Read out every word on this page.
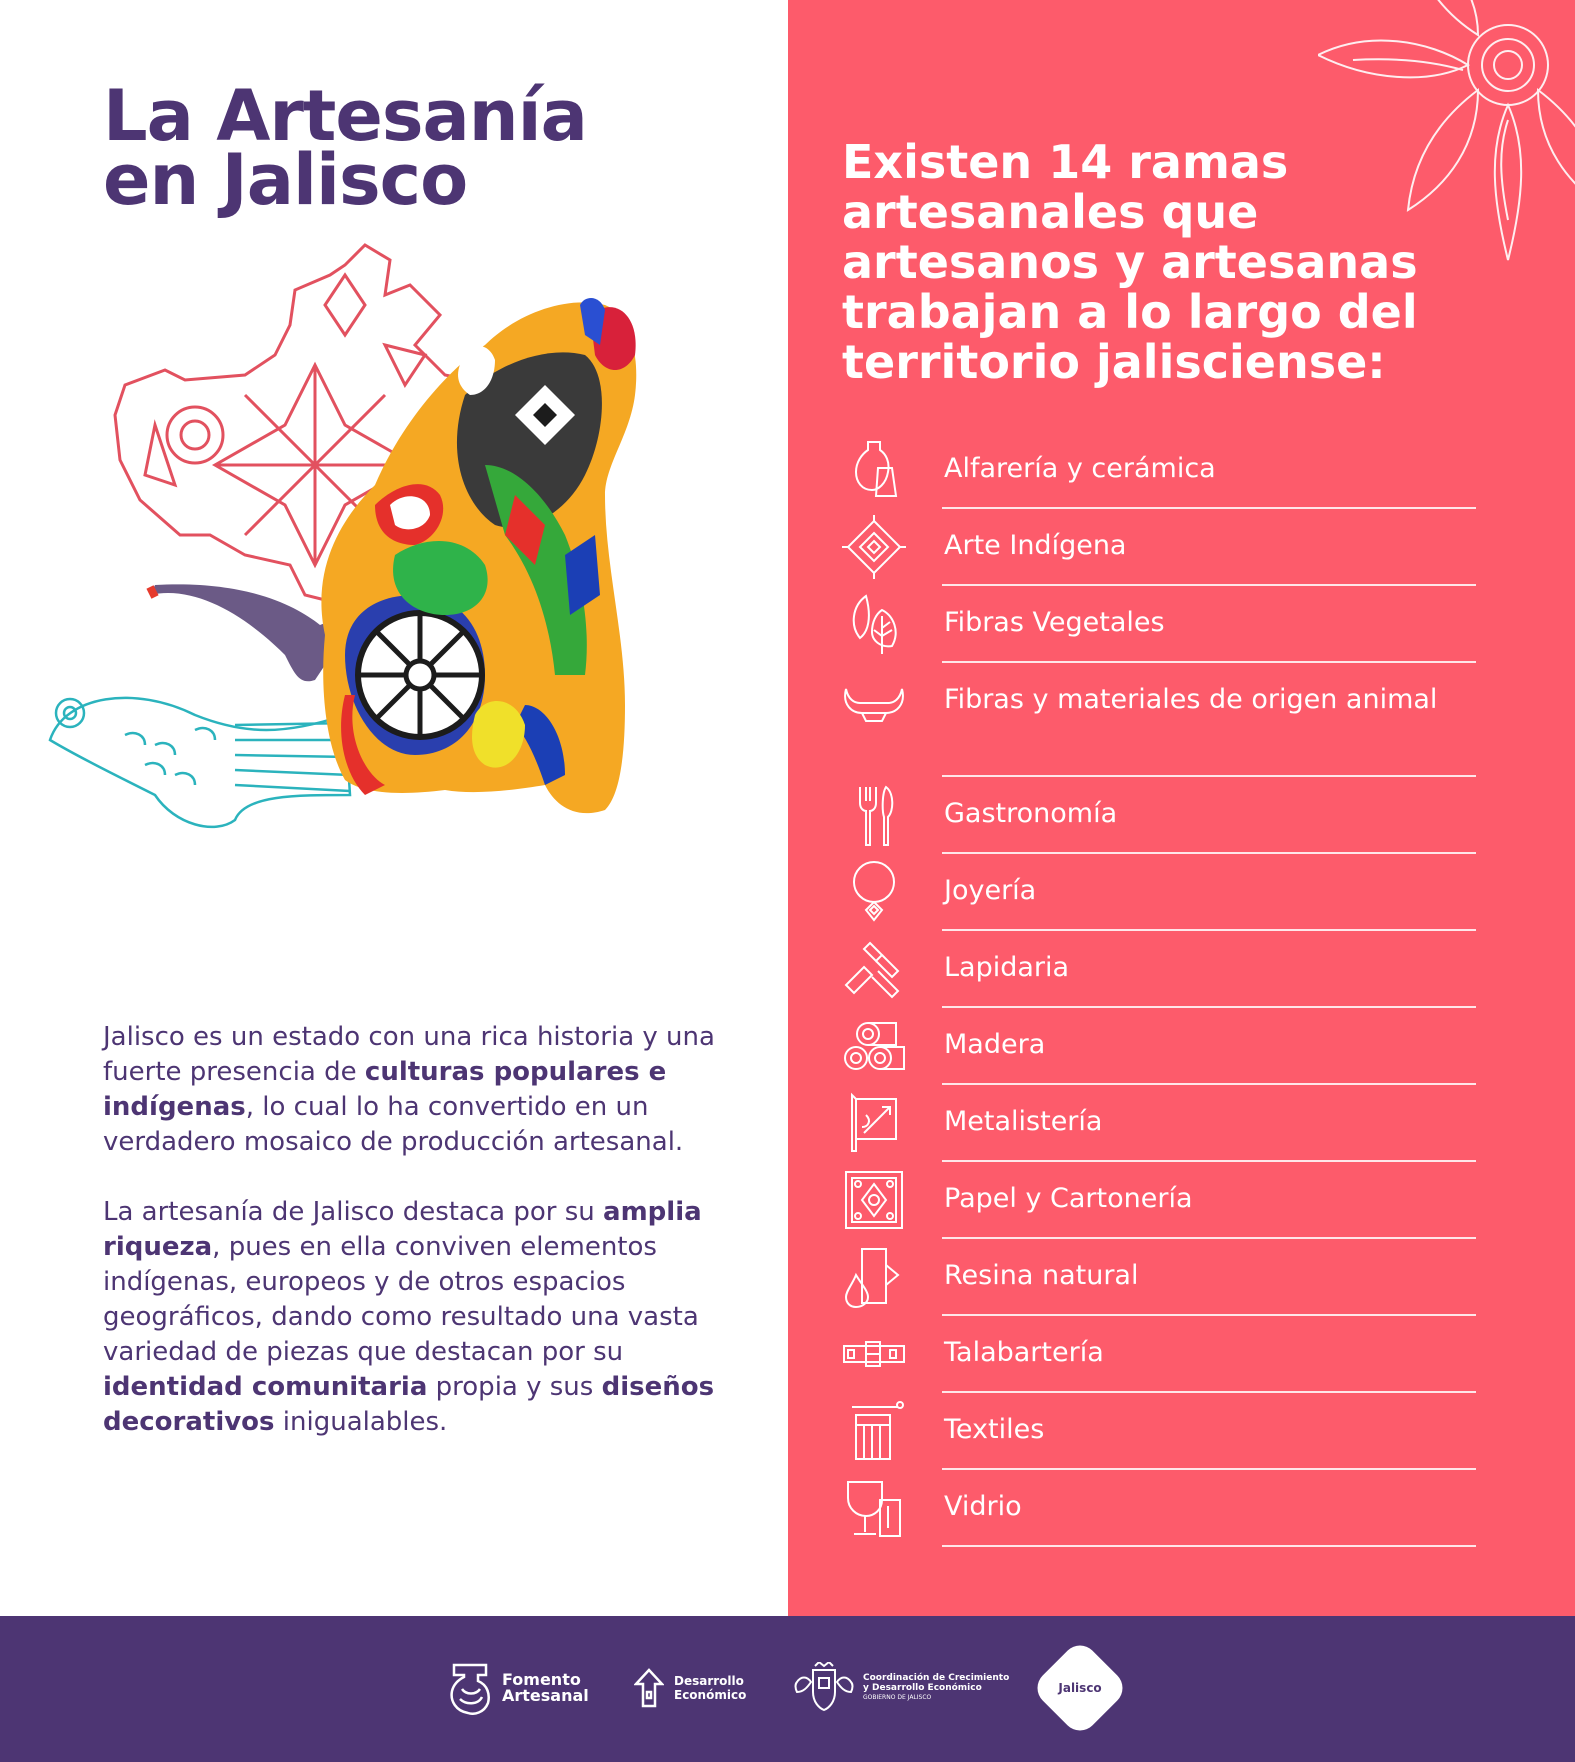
La Artesanía
en Jalisco

Jalisco es un estado con una rica historia y una fuerte presencia de culturas populares e indígenas, lo cual lo ha convertido en un verdadero mosaico de producción artesanal.

La artesanía de Jalisco destaca por su amplia riqueza, pues en ella conviven elementos indígenas, europeos y de otros espacios geográficos, dando como resultado una vasta variedad de piezas que destacan por su identidad comunitaria propia y sus diseños decorativos inigualables.

Existen 14 ramas
artesanales que
artesanos y artesanas
trabajan a lo largo del
territorio jalisciense:
Alfarería y cerámica
Arte Indígena
Fibras Vegetales
Fibras y materiales de origen animal
Gastronomía
Joyería
Lapidaria
Madera
Metalistería
Papel y Cartonería
Resina natural
Talabartería
Textiles
Vidrio
Fomento
Artesanal
Desarrollo
Económico
Coordinación de Crecimiento
y Desarrollo Económico
GOBIERNO DE JALISCO
Jalisco
